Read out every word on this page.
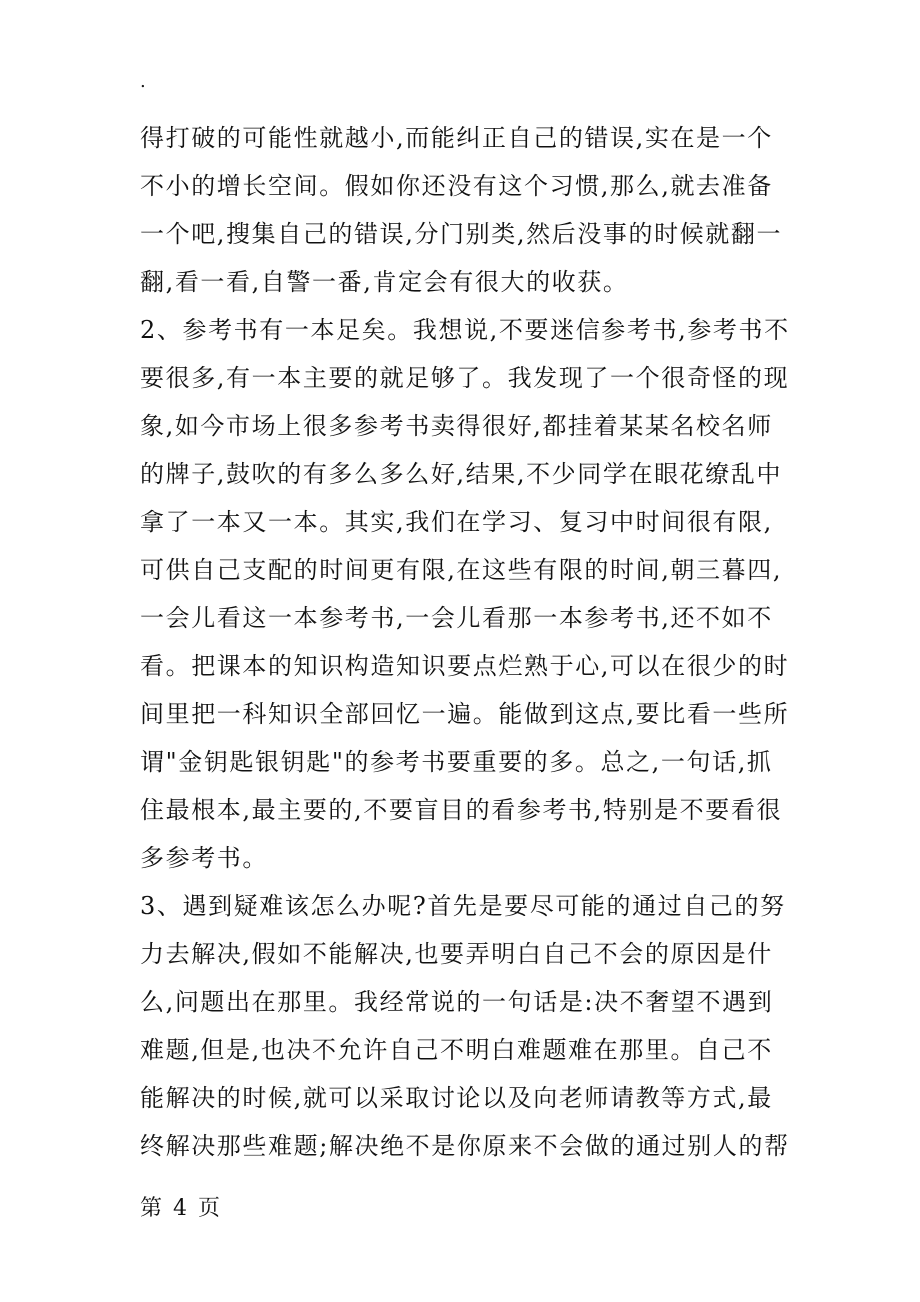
.
得打破的可能性就越小,而能纠正自己的错误,实在是一个
不小的增长空间。假如你还没有这个习惯,那么,就去准备
一个吧,搜集自己的错误,分门别类,然后没事的时候就翻一
翻,看一看,自警一番,肯定会有很大的收获。
2、参考书有一本足矣。我想说,不要迷信参考书,参考书不
要很多,有一本主要的就足够了。我发现了一个很奇怪的现
象,如今市场上很多参考书卖得很好,都挂着某某名校名师
的牌子,鼓吹的有多么多么好,结果,不少同学在眼花缭乱中
拿了一本又一本。其实,我们在学习、复习中时间很有限,
可供自己支配的时间更有限,在这些有限的时间,朝三暮四,
一会儿看这一本参考书,一会儿看那一本参考书,还不如不
看。把课本的知识构造知识要点烂熟于心,可以在很少的时
间里把一科知识全部回忆一遍。能做到这点,要比看一些所
谓"金钥匙银钥匙"的参考书要重要的多。总之,一句话,抓
住最根本,最主要的,不要盲目的看参考书,特别是不要看很
多参考书。
3、遇到疑难该怎么办呢?首先是要尽可能的通过自己的努
力去解决,假如不能解决,也要弄明白自己不会的原因是什
么,问题出在那里。我经常说的一句话是:决不奢望不遇到
难题,但是,也决不允许自己不明白难题难在那里。自己不
能解决的时候,就可以采取讨论以及向老师请教等方式,最
终解决那些难题;解决绝不是你原来不会做的通过别人的帮
第 4 页
